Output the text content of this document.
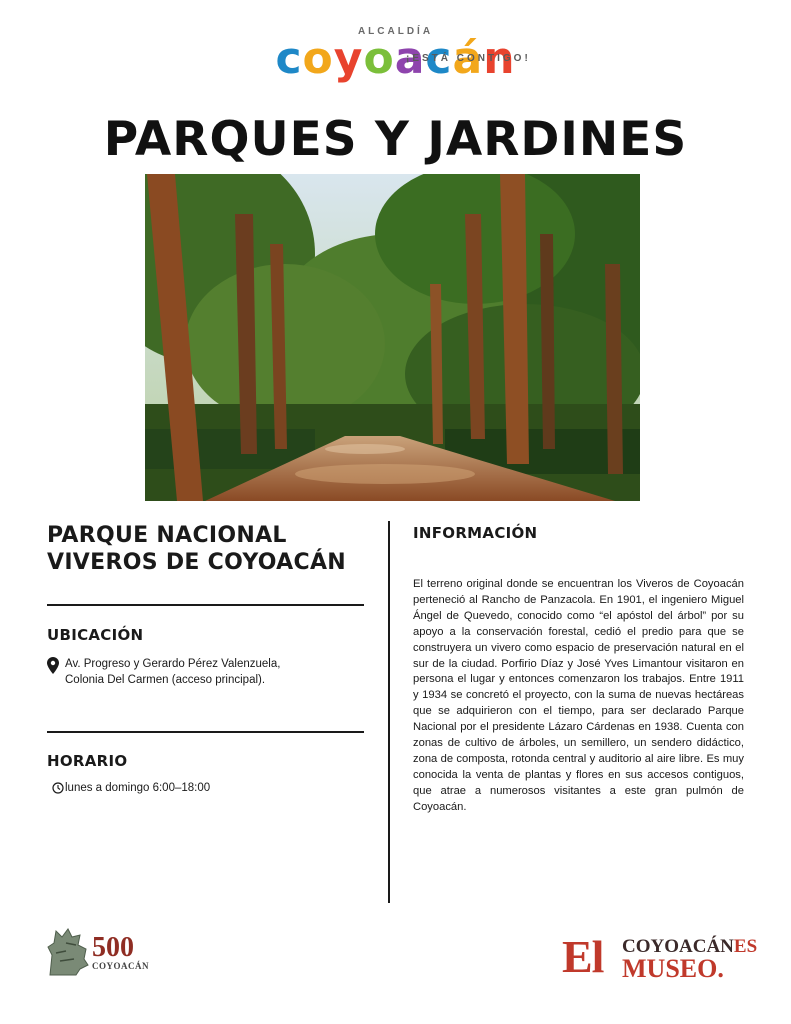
ALCALDÍA
coyoacán
¡ESTÁ CONTIGO!
PARQUES Y JARDINES
PARQUE NACIONAL
VIVEROS DE COYOACÁN
UBICACIÓN
Av. Progreso y Gerardo Pérez Valenzuela,
Colonia Del Carmen (acceso principal).
HORARIO
lunes a domingo 6:00–18:00
INFORMACIÓN

El terreno original donde se encuentran los Viveros de Coyoacán perteneció al Rancho de Panzacola. En 1901, el ingeniero Miguel Ángel de Quevedo, conocido como “el apóstol del árbol” por su apoyo a la conservación forestal, cedió el predio para que se construyera un vivero como espacio de preservación natural en el sur de la ciudad. Porfirio Díaz y José Yves Limantour visitaron en persona el lugar y entonces comenzaron los trabajos. Entre 1911 y 1934 se concretó el proyecto, con la suma de nuevas hectáreas que se adquirieron con el tiempo, para ser declarado Parque Nacional por el presidente Lázaro Cárdenas en 1938. Cuenta con zonas de cultivo de árboles, un semillero, un sendero didáctico, zona de composta, rotonda central y auditorio al aire libre. Es muy conocida la venta de plantas y flores en sus accesos contiguos, que atrae a numerosos visitantes a este gran pulmón de Coyoacán.

500
COYOACÁN	El COYOACÁNES
MUSEO.
